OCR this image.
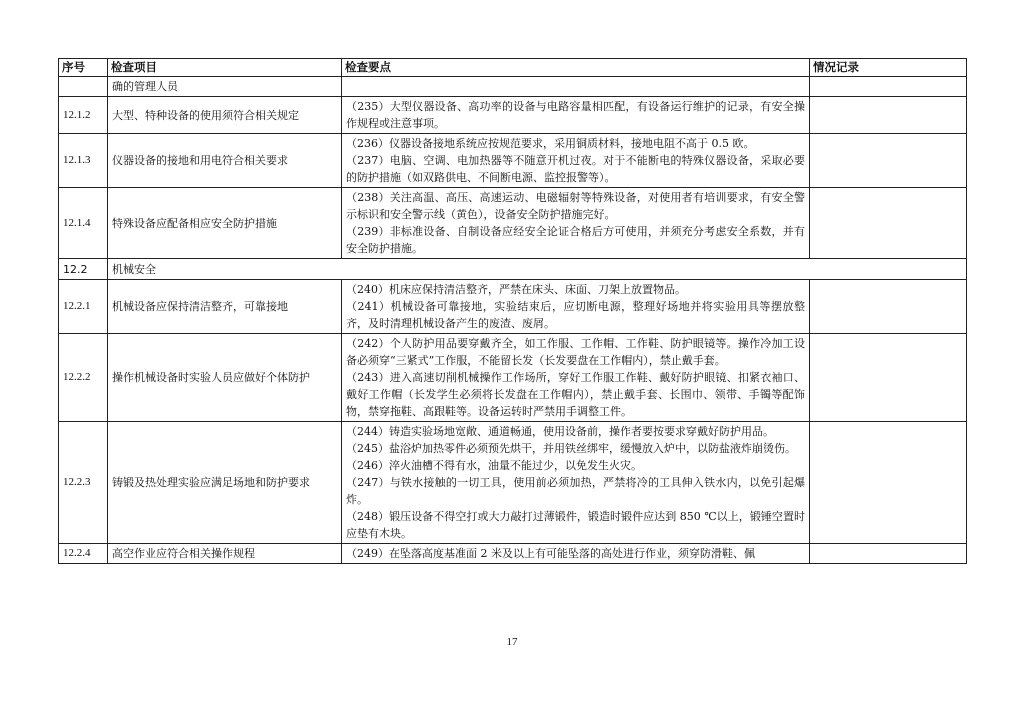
序号	检查项目	检查要点	情况记录
	确的管理人员		
12.1.2	大型、特种设备的使用须符合相关规定	（235）大型仪器设备、高功率的设备与电路容量相匹配，有设备运行维护的记录，有安全操作规程或注意事项。	

12.1.3	仪器设备的接地和用电符合相关要求	（236）仪器设备接地系统应按规范要求，采用铜质材料，接地电阻不高于 0.5 欧。
（237）电脑、空调、电加热器等不随意开机过夜。对于不能断电的特殊仪器设备，采取必要的防护措施（如双路供电、不间断电源、监控报警等）。	

12.1.4	特殊设备应配备相应安全防护措施	（238）关注高温、高压、高速运动、电磁辐射等特殊设备，对使用者有培训要求，有安全警示标识和安全警示线（黄色），设备安全防护措施完好。
（239）非标准设备、自制设备应经安全论证合格后方可使用，并须充分考虑安全系数，并有安全防护措施。	

12.2	机械安全		
12.2.1	机械设备应保持清洁整齐，可靠接地	（240）机床应保持清洁整齐，严禁在床头、床面、刀架上放置物品。
（241）机械设备可靠接地，实验结束后，应切断电源，整理好场地并将实验用具等摆放整齐，及时清理机械设备产生的废渣、废屑。	

12.2.2	操作机械设备时实验人员应做好个体防护	（242）个人防护用品要穿戴齐全，如工作服、工作帽、工作鞋、防护眼镜等。操作冷加工设备必须穿“三紧式”工作服，不能留长发（长发要盘在工作帽内），禁止戴手套。
（243）进入高速切削机械操作工作场所，穿好工作服工作鞋、戴好防护眼镜、扣紧衣袖口、戴好工作帽（长发学生必须将长发盘在工作帽内），禁止戴手套、长围巾、领带、手镯等配饰物，禁穿拖鞋、高跟鞋等。设备运转时严禁用手调整工件。	

12.2.3	铸锻及热处理实验应满足场地和防护要求	（244）铸造实验场地宽敞、通道畅通，使用设备前，操作者要按要求穿戴好防护用品。
（245）盐浴炉加热零件必须预先烘干，并用铁丝绑牢，缓慢放入炉中，以防盐液炸崩烫伤。
（246）淬火油槽不得有水，油量不能过少，以免发生火灾。
（247）与铁水接触的一切工具，使用前必须加热，严禁将冷的工具伸入铁水内，以免引起爆炸。
（248）锻压设备不得空打或大力敲打过薄锻件，锻造时锻件应达到 850 ℃以上，锻锤空置时应垫有木块。	

12.2.4	高空作业应符合相关操作规程	（249）在坠落高度基准面 2 米及以上有可能坠落的高处进行作业，须穿防滑鞋、佩	

17
